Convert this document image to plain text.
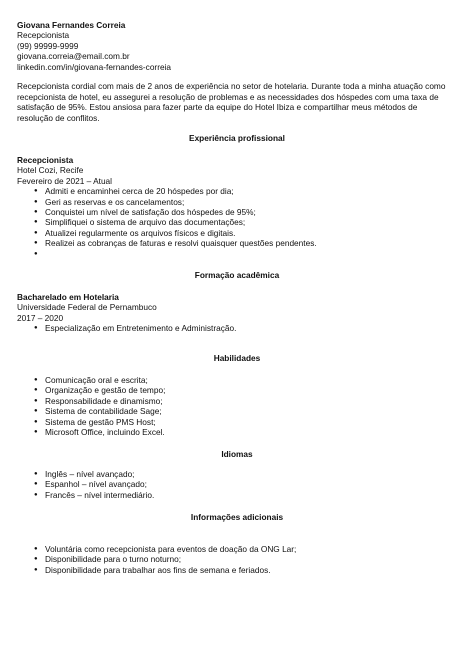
Giovana Fernandes Correia
Recepcionista
(99) 99999-9999
giovana.correia@email.com.br
linkedin.com/in/giovana-fernandes-correia
Recepcionista cordial com mais de 2 anos de experiência no setor de hotelaria. Durante toda a minha atuação como recepcionista de hotel, eu assegurei a resolução de problemas e as necessidades dos hóspedes com uma taxa de satisfação de 95%. Estou ansiosa para fazer parte da equipe do Hotel Ibiza e compartilhar meus métodos de resolução de conflitos.
Experiência profissional
Recepcionista
Hotel Cozi, Recife
Fevereiro de 2021 – Atual
● Admiti e encaminhei cerca de 20 hóspedes por dia;
● Geri as reservas e os cancelamentos;
● Conquistei um nível de satisfação dos hóspedes de 95%;
● Simplifiquei o sistema de arquivo das documentações;
● Atualizei regularmente os arquivos físicos e digitais.
● Realizei as cobranças de faturas e resolvi quaisquer questões pendentes.
●
Formação acadêmica
Bacharelado em Hotelaria
Universidade Federal de Pernambuco
2017 – 2020
● Especialização em Entretenimento e Administração.
Habilidades
● Comunicação oral e escrita;
● Organização e gestão de tempo;
● Responsabilidade e dinamismo;
● Sistema de contabilidade Sage;
● Sistema de gestão PMS Host;
● Microsoft Office, incluindo Excel.
Idiomas
● Inglês – nível avançado;
● Espanhol – nível avançado;
● Francês – nível intermediário.
Informações adicionais
● Voluntária como recepcionista para eventos de doação da ONG Lar;
● Disponibilidade para o turno noturno;
● Disponibilidade para trabalhar aos fins de semana e feriados.
